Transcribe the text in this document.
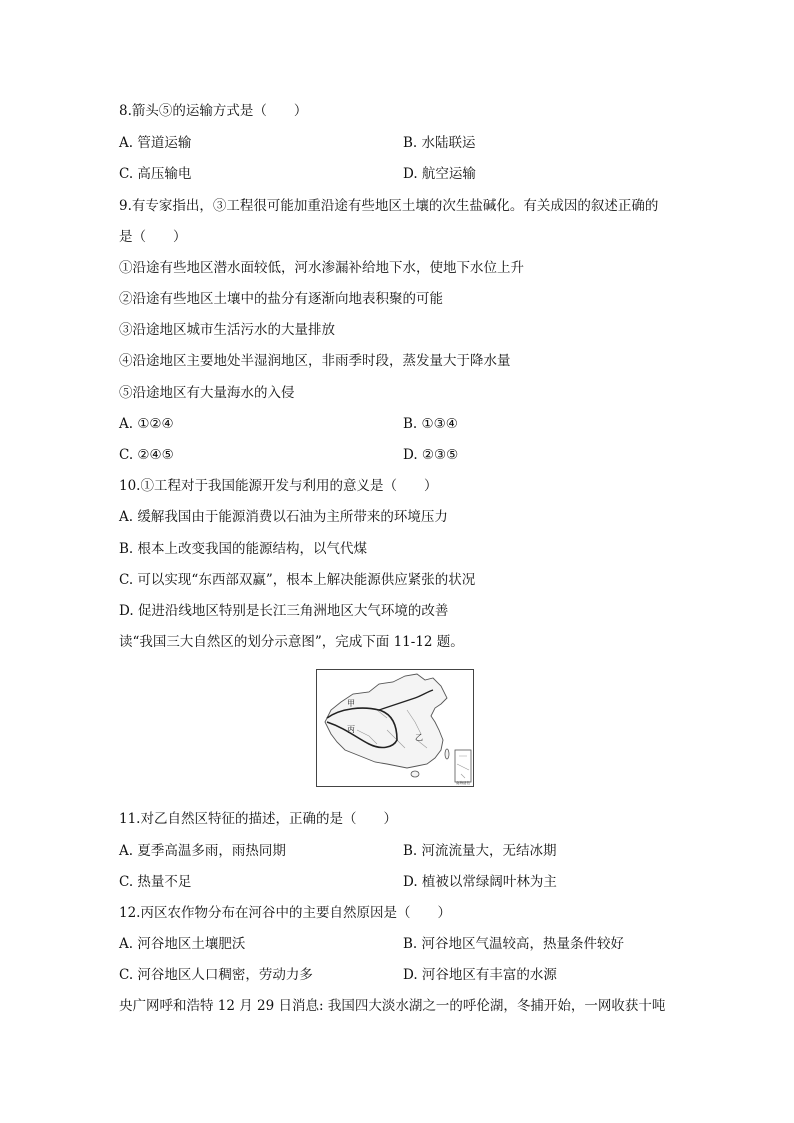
8.箭头⑤的运输方式是（　　）
A. 管道运输	B. 水陆联运
C. 高压输电	D. 航空运输
9.有专家指出，③工程很可能加重沿途有些地区土壤的次生盐碱化。有关成因的叙述正确的
是（　　）
①沿途有些地区潜水面较低，河水渗漏补给地下水，使地下水位上升
②沿途有些地区土壤中的盐分有逐渐向地表积聚的可能
③沿途地区城市生活污水的大量排放
④沿途地区主要地处半湿润地区，非雨季时段，蒸发量大于降水量
⑤沿途地区有大量海水的入侵
A. ①②④	B. ①③④
C. ②④⑤	D. ②③⑤
10.①工程对于我国能源开发与利用的意义是（　　）
A. 缓解我国由于能源消费以石油为主所带来的环境压力
B. 根本上改变我国的能源结构，以气代煤
C. 可以实现“东西部双赢”，根本上解决能源供应紧张的状况
D. 促进沿线地区特别是长江三角洲地区大气环境的改善
读“我国三大自然区的划分示意图”，完成下面 11-12 题。
甲
丙
乙
南海诸岛
11.对乙自然区特征的描述，正确的是（　　）
A. 夏季高温多雨，雨热同期	B. 河流流量大，无结冰期
C. 热量不足	D. 植被以常绿阔叶林为主
12.丙区农作物分布在河谷中的主要自然原因是（　　）
A. 河谷地区土壤肥沃	B. 河谷地区气温较高，热量条件较好
C. 河谷地区人口稠密，劳动力多	D. 河谷地区有丰富的水源
央广网呼和浩特 12 月 29 日消息: 我国四大淡水湖之一的呼伦湖，冬捕开始，一网收获十吨
